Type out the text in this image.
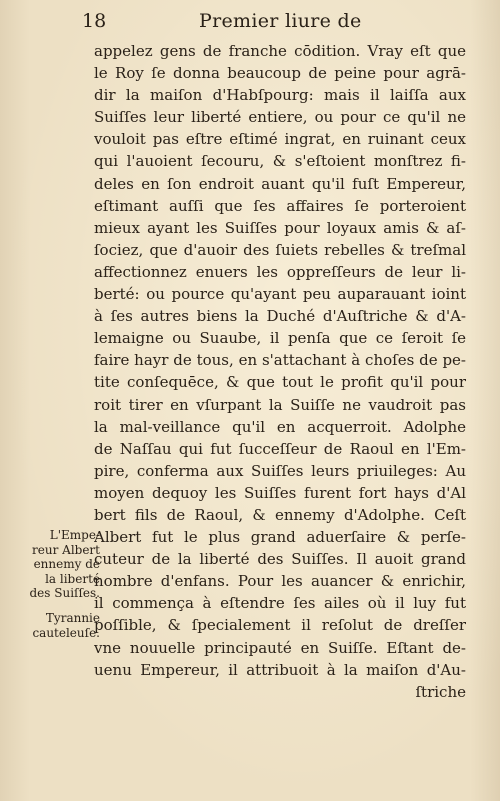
18	Premier liure de
appelez gens de franche cōdition. Vray eſt que
le Roy ſe donna beaucoup de peine pour agrā-
dir la maiſon d'Habſpourg: mais il laiſſa aux
Suiſſes leur liberté entiere, ou pour ce qu'il ne
vouloit pas eſtre eſtimé ingrat, en ruinant ceux
qui l'auoient ſecouru, & s'eſtoient monſtrez fi-
deles en ſon endroit auant qu'il fuſt Empereur,
eſtimant auſſi que ſes affaires ſe porteroient
mieux ayant les Suiſſes pour loyaux amis & aſ-
ſociez, que d'auoir des ſuiets rebelles & treſmal
affectionnez enuers les oppreſſeurs de leur li-
berté: ou pource qu'ayant peu auparauant ioint
à ſes autres biens la Duché d'Auſtriche & d'A-
lemaigne ou Suaube, il penſa que ce ſeroit ſe
faire hayr de tous, en s'attachant à choſes de pe-
tite conſequēce, & que tout le profit qu'il pour
roit tirer en vſurpant la Suiſſe ne vaudroit pas
la mal-veillance qu'il en acquerroit. Adolphe
de Naſſau qui fut ſucceſſeur de Raoul en l'Em-
pire, conferma aux Suiſſes leurs priuileges: Au
moyen dequoy les Suiſſes furent fort hays d'Al
bert fils de Raoul, & ennemy d'Adolphe. Ceſt
Albert fut le plus grand aduerſaire & perſe-
cuteur de la liberté des Suiſſes. Il auoit grand
nombre d'enfans. Pour les auancer & enrichir,
il commença à eſtendre ſes ailes où il luy fut
poſſible, & ſpecialement il reſolut de dreſſer
vne nouuelle principauté en Suiſſe. Eſtant de-
uenu Empereur, il attribuoit à la maiſon d'Au-
ſtriche
L'Empe-
reur Albert
ennemy de
la liberté
des Suiſſes.
Tyrannie
cauteleuſe.
